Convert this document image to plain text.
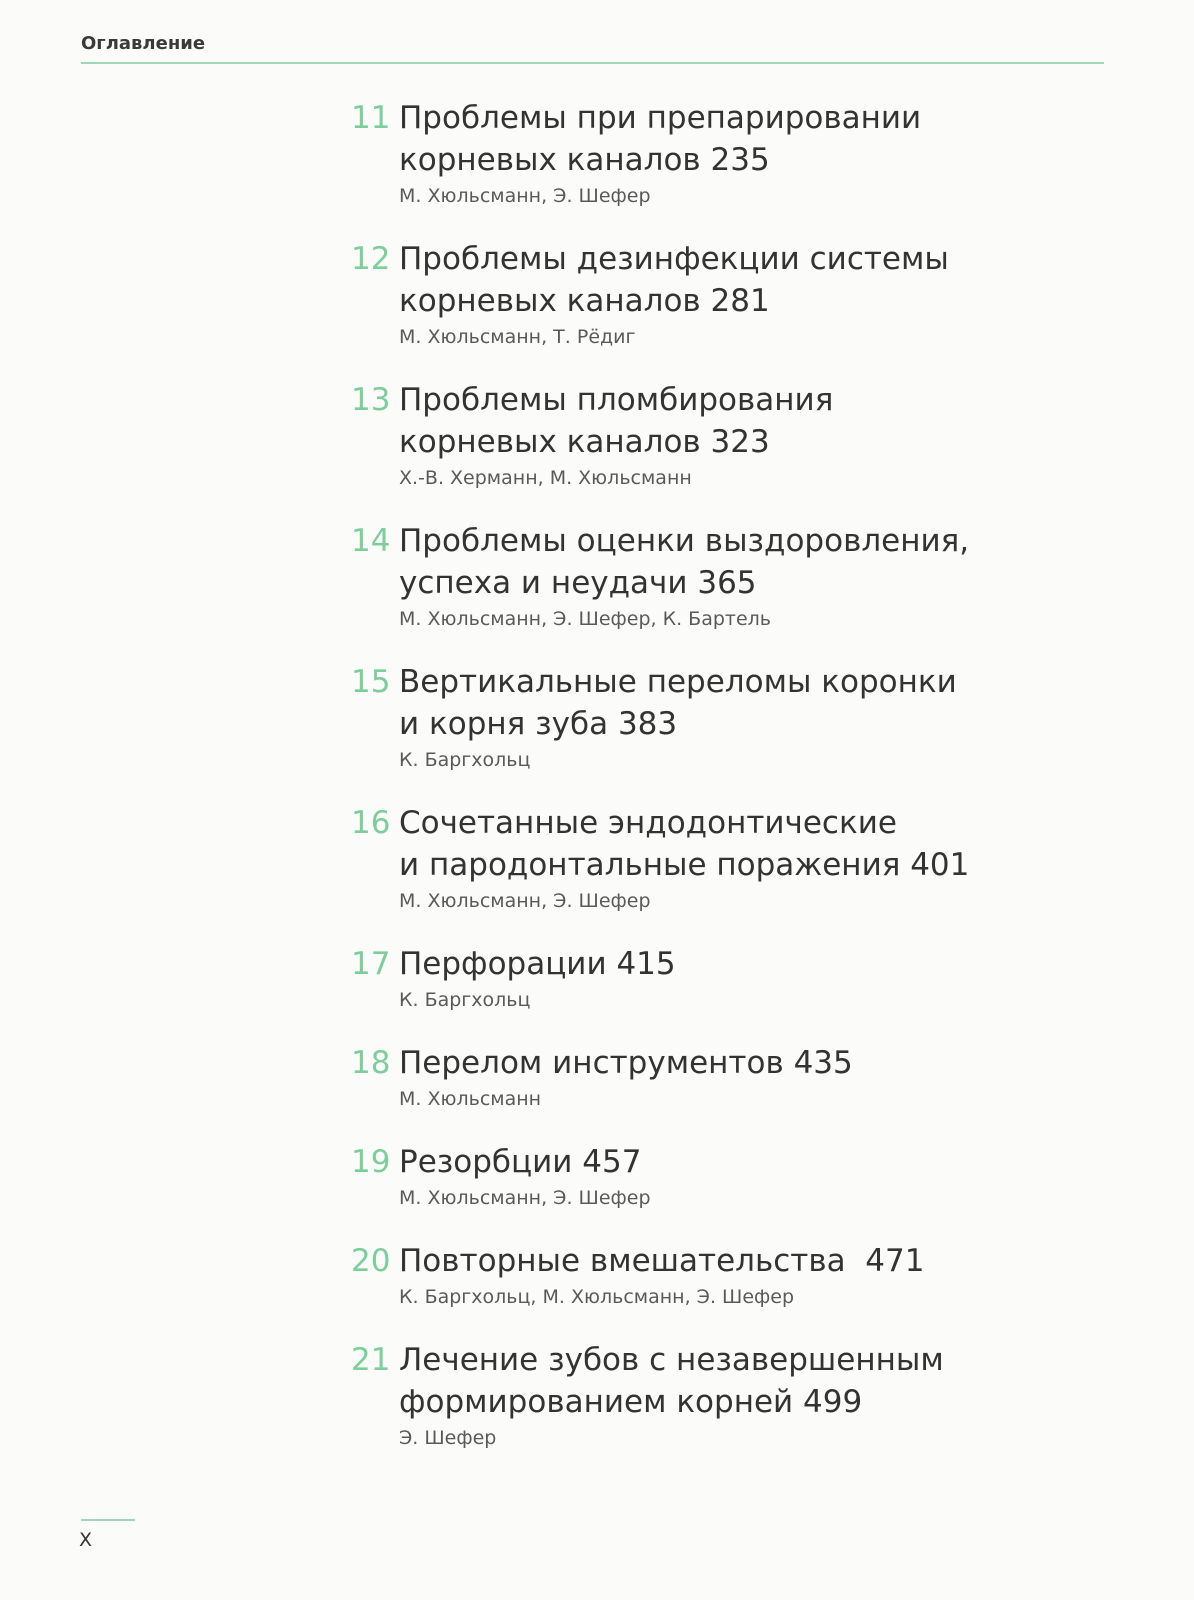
Оглавление
11 Проблемы при препарировании
корневых каналов 235
М. Хюльсманн, Э. Шефер
12 Проблемы дезинфекции системы
корневых каналов 281
М. Хюльсманн, Т. Рёдиг
13 Проблемы пломбирования
корневых каналов 323
Х.-В. Херманн, М. Хюльсманн
14 Проблемы оценки выздоровления,
успеха и неудачи 365
М. Хюльсманн, Э. Шефер, К. Бартель
15 Вертикальные переломы коронки
и корня зуба 383
К. Баргхольц
16 Сочетанные эндодонтические
и пародонтальные поражения 401
М. Хюльсманн, Э. Шефер
17 Перфорации 415
К. Баргхольц
18 Перелом инструментов 435
М. Хюльсманн
19 Резорбции 457
М. Хюльсманн, Э. Шефер
20 Повторные вмешательства  471
К. Баргхольц, М. Хюльсманн, Э. Шефер
21 Лечение зубов с незавершенным
формированием корней 499
Э. Шефер
X
